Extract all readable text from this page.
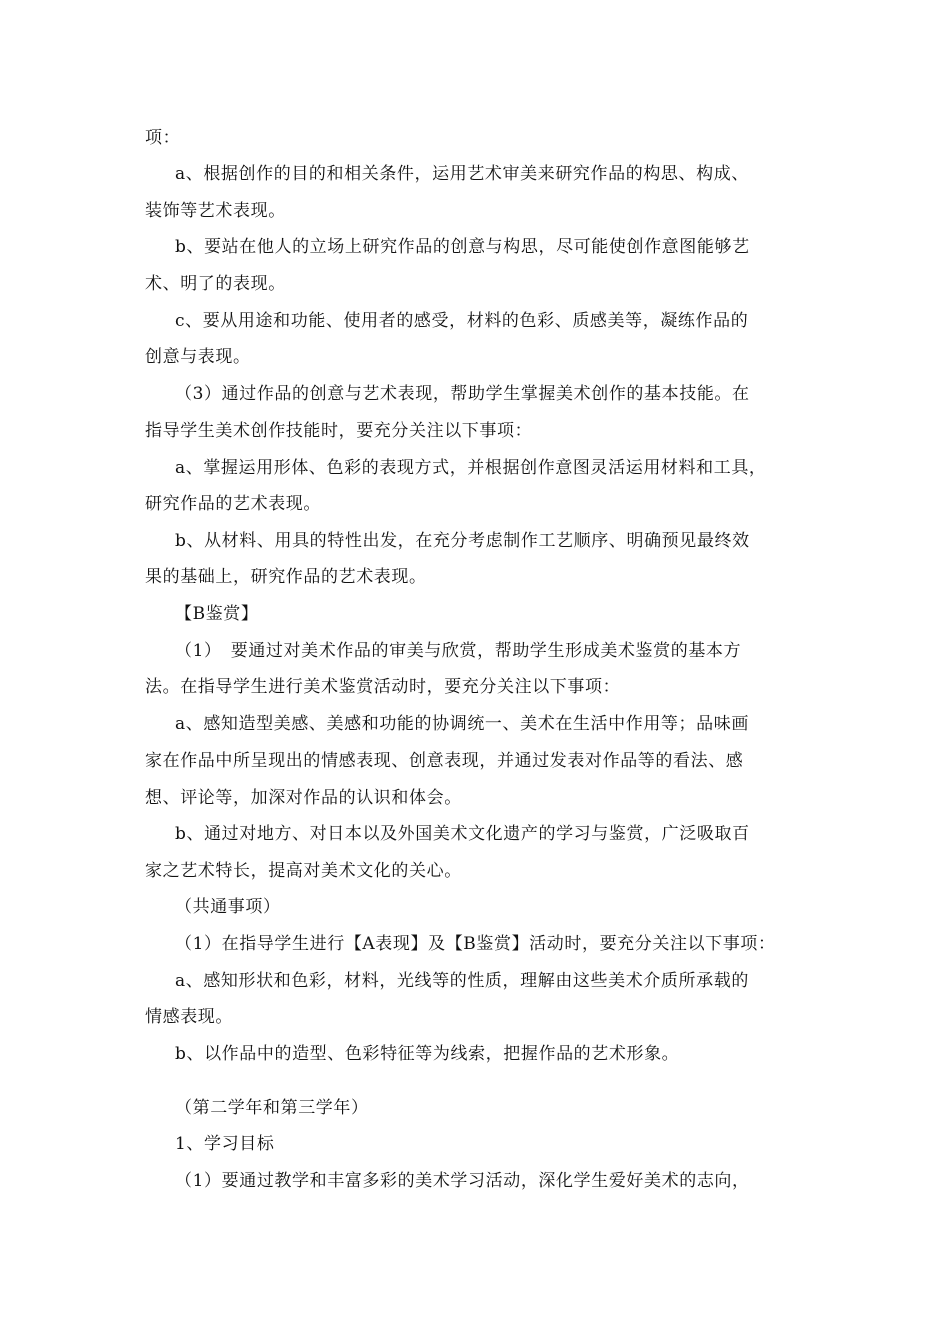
项：
a、根据创作的目的和相关条件，运用艺术审美来研究作品的构思、构成、
装饰等艺术表现。
b、要站在他人的立场上研究作品的创意与构思，尽可能使创作意图能够艺
术、明了的表现。
c、要从用途和功能、使用者的感受，材料的色彩、质感美等，凝练作品的
创意与表现。
（3）通过作品的创意与艺术表现，帮助学生掌握美术创作的基本技能。在
指导学生美术创作技能时，要充分关注以下事项：
a、掌握运用形体、色彩的表现方式，并根据创作意图灵活运用材料和工具，
研究作品的艺术表现。
b、从材料、用具的特性出发，在充分考虑制作工艺顺序、明确预见最终效
果的基础上，研究作品的艺术表现。
【B鉴赏】
（1）　要通过对美术作品的审美与欣赏，帮助学生形成美术鉴赏的基本方
法。在指导学生进行美术鉴赏活动时，要充分关注以下事项：
a、感知造型美感、美感和功能的协调统一、美术在生活中作用等；品味画
家在作品中所呈现出的情感表现、创意表现，并通过发表对作品等的看法、感
想、评论等，加深对作品的认识和体会。
b、通过对地方、对日本以及外国美术文化遗产的学习与鉴赏，广泛吸取百
家之艺术特长，提高对美术文化的关心。
（共通事项）
（1）在指导学生进行【A表现】及【B鉴赏】活动时，要充分关注以下事项：
a、感知形状和色彩，材料，光线等的性质，理解由这些美术介质所承载的
情感表现。
b、以作品中的造型、色彩特征等为线索，把握作品的艺术形象。
（第二学年和第三学年）
1、学习目标
（1）要通过教学和丰富多彩的美术学习活动，深化学生爱好美术的志向，
